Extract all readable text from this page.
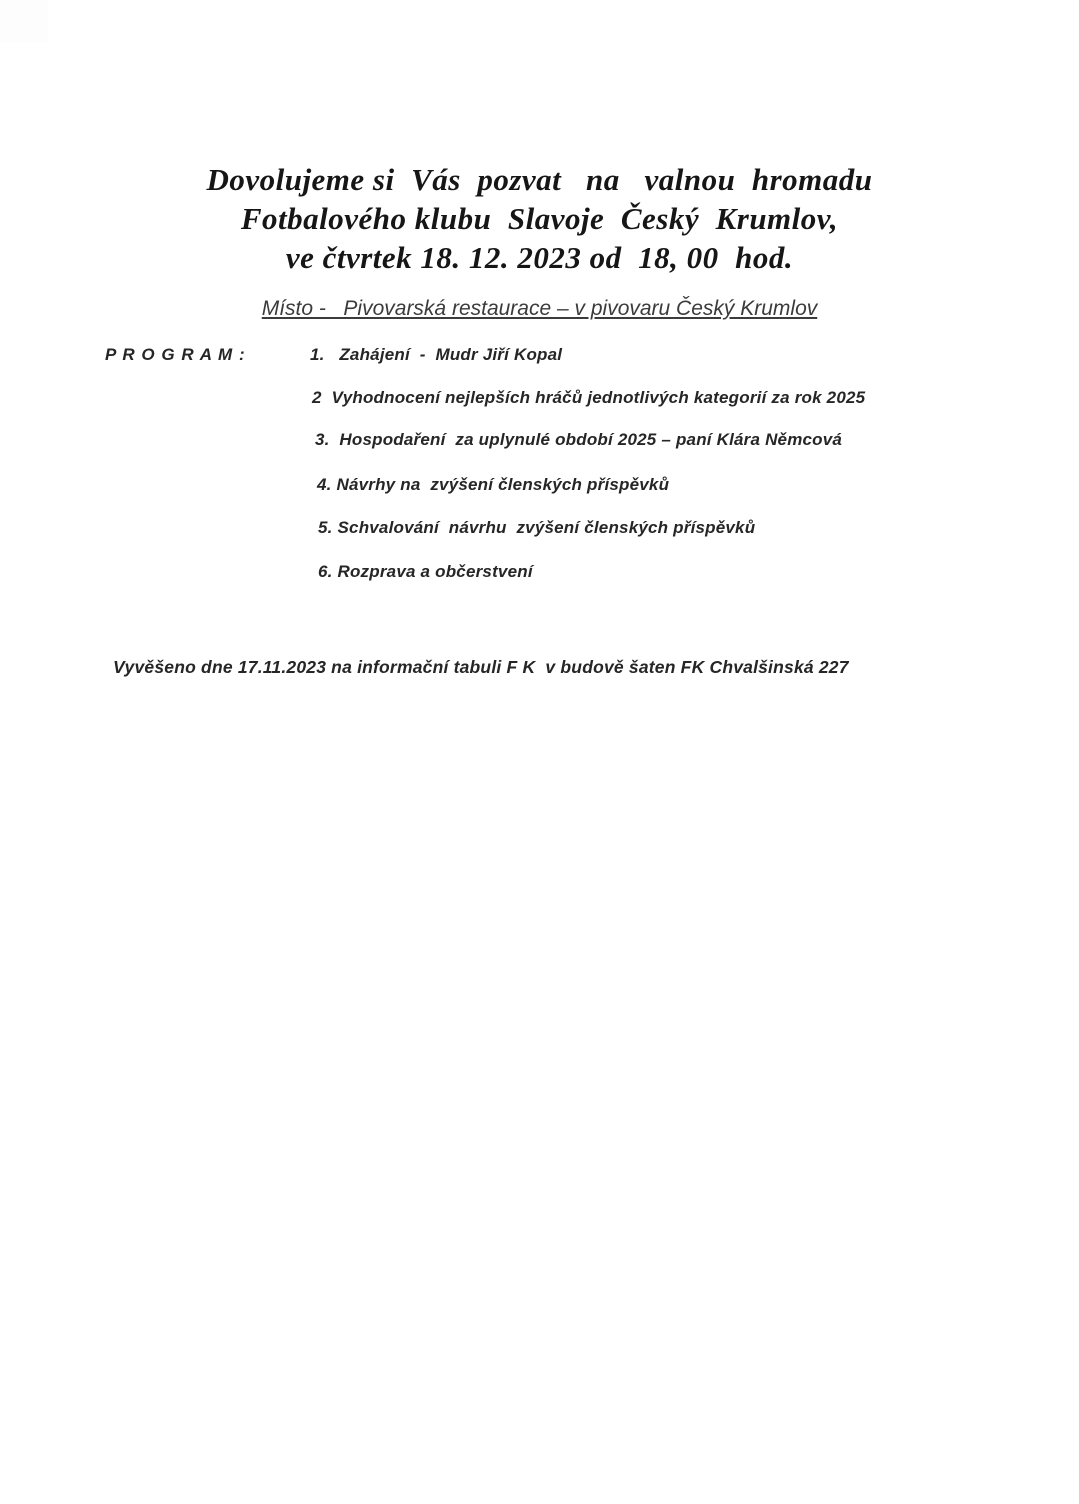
Dovolujeme si  Vás  pozvat   na   valnou  hromadu
Fotbalového klubu  Slavoje  Český  Krumlov,
ve čtvrtek 18. 12. 2023 od  18, 00  hod.
Místo -   Pivovarská restaurace – v pivovaru Český Krumlov
P R O G R A M :	1.   Zahájení  -  Mudr Jiří Kopal
2  Vyhodnocení nejlepších hráčů jednotlivých kategorií za rok 2025
3.  Hospodaření  za uplynulé období 2025 – paní Klára Němcová
4. Návrhy na  zvýšení členských příspěvků
5. Schvalování  návrhu  zvýšení členských příspěvků
6. Rozprava a občerstvení
Vyvěšeno dne 17.11.2023 na informační tabuli F K  v budově šaten FK Chvalšinská 227
